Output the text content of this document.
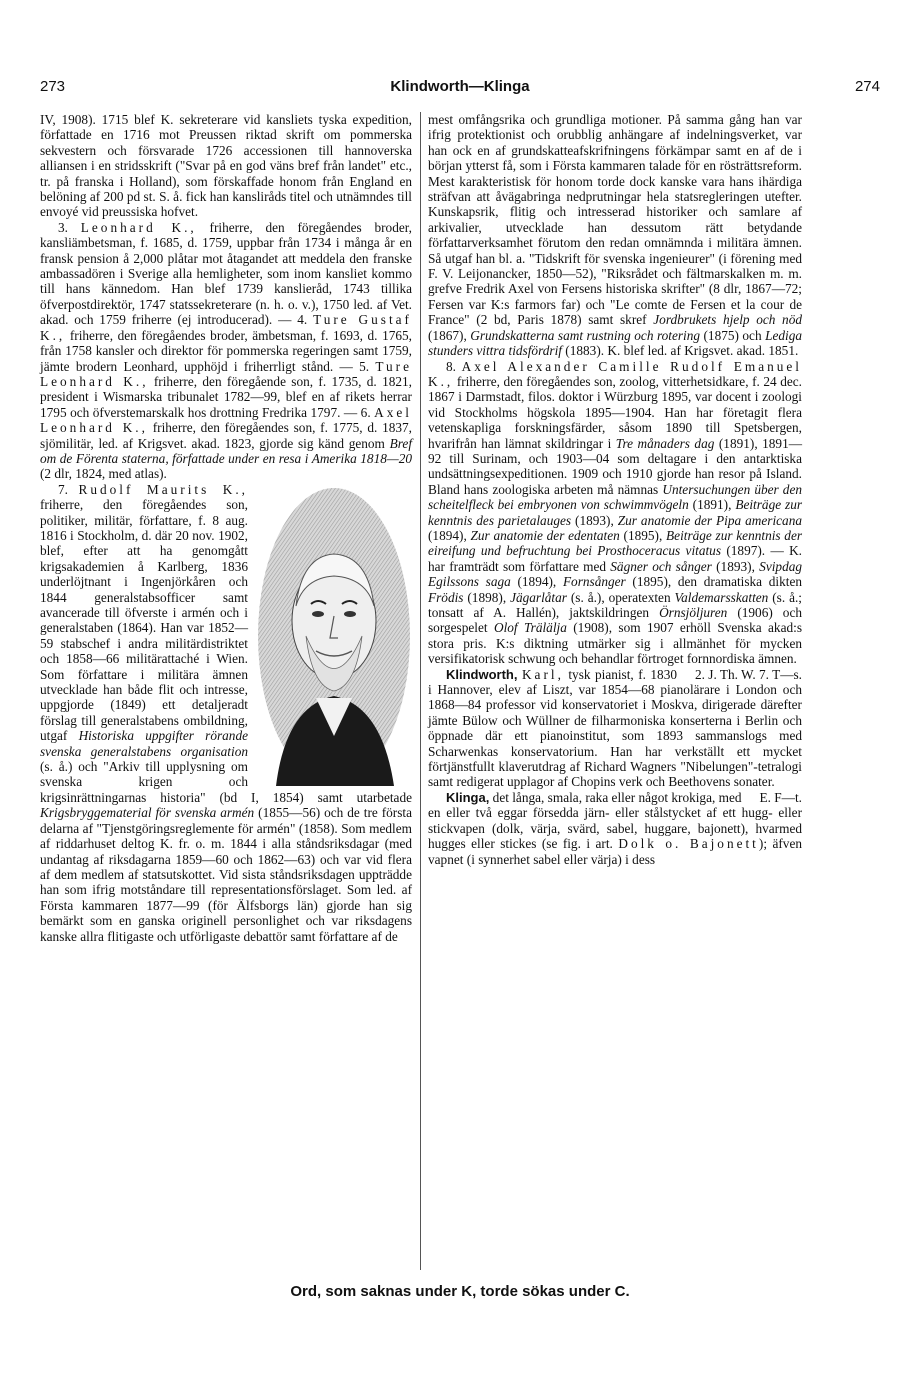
273	Klindworth—Klinga	274

IV, 1908). 1715 blef K. sekreterare vid kansliets tyska expedition, författade en 1716 mot Preussen riktad skrift om pommerska sekvestern och försvarade 1726 accessionen till hannoverska alliansen i en stridsskrift ("Svar på en god väns bref från landet" etc., tr. på franska i Holland), som förskaffade honom från England en belöning af 200 pd st. S. å. fick han kansliråds titel och utnämndes till envoyé vid preussiska hofvet.

3. Leonhard K., friherre, den föregåendes broder, kansliämbetsman, f. 1685, d. 1759, uppbar från 1734 i många år en fransk pension å 2,000 plåtar mot åtagandet att meddela den franske ambassadören i Sverige alla hemligheter, som inom kansliet kommo till hans kännedom. Han blef 1739 kanslieråd, 1743 tillika öfverpostdirektör, 1747 statssekreterare (n. h. o. v.), 1750 led. af Vet. akad. och 1759 friherre (ej introducerad). — 4. Ture Gustaf K., friherre, den föregåendes broder, ämbetsman, f. 1693, d. 1765, från 1758 kansler och direktor för pommerska regeringen samt 1759, jämte brodern Leonhard, upphöjd i friherrligt stånd. — 5. Ture Leonhard K., friherre, den föregående son, f. 1735, d. 1821, president i Wismarska tribunalet 1782—99, blef en af rikets herrar 1795 och öfverstemarskalk hos drottning Fredrika 1797. — 6. Axel Leonhard K., friherre, den föregåendes son, f. 1775, d. 1837, sjömilitär, led. af Krigsvet. akad. 1823, gjorde sig känd genom Bref om de Förenta staterna, författade under en resa i Amerika 1818—20 (2 dlr, 1824, med atlas).

7. Rudolf Maurits K.,
friherre, den föregåendes son, politiker, militär, författare, f. 8 aug. 1816 i Stockholm, d. där 20 nov. 1902, blef, efter att ha genomgått krigsakademien å Karlberg, 1836 underlöjtnant i Ingenjörkåren och 1844 generalstabsofficer samt avancerade till öfverste i armén och i generalstaben (1864). Han var 1852—59 stabschef i andra militärdistriktet och 1858—66 militärattaché i Wien. Som författare i militära ämnen utvecklade han både flit och intresse, uppgjorde (1849) ett detaljeradt förslag till generalstabens ombildning, utgaf Historiska uppgifter rörande svenska generalstabens organisation (s. å.) och "Arkiv till upplysning om svenska krigen och krigsinrättningarnas historia" (bd I, 1854) samt utarbetade Krigsbryggematerial för svenska armén (1855—56) och de tre första delarna af "Tjenstgöringsreglemente för armén" (1858). Som medlem af riddarhuset deltog K. fr. o. m. 1844 i alla ståndsriksdagar (med undantag af riksdagarna 1859—60 och 1862—63) och var vid flera af dem medlem af statsutskottet. Vid sista ståndsriksdagen uppträdde han som ifrig motståndare till representationsförslaget. Som led. af Första kammaren 1877—99 (för Älfsborgs län) gjorde han sig bemärkt som en ganska originell personlighet och var riksdagens kanske allra flitigaste och utförligaste debattör samt författare af de

mest omfångsrika och grundliga motioner. På samma gång han var ifrig protektionist och orubblig anhängare af indelningsverket, var han ock en af grundskatteafskrifningens förkämpar samt en af de i början ytterst få, som i Första kammaren talade för en rösträttsreform. Mest karakteristisk för honom torde dock kanske vara hans ihärdiga sträfvan att åvägabringa nedprutningar hela statsregleringen utefter. Kunskapsrik, flitig och intresserad historiker och samlare af arkivalier, utvecklade han dessutom rätt betydande författarverksamhet förutom den redan omnämnda i militära ämnen. Så utgaf han bl. a. "Tidskrift för svenska ingenieurer" (i förening med F. V. Leijonancker, 1850—52), "Riksrådet och fältmarskalken m. m. grefve Fredrik Axel von Fersens historiska skrifter" (8 dlr, 1867—72; Fersen var K:s farmors far) och "Le comte de Fersen et la cour de France" (2 bd, Paris 1878) samt skref Jordbrukets hjelp och nöd (1867), Grundskatterna samt rustning och rotering (1875) och Lediga stunders vittra tidsfördrif (1883). K. blef led. af Krigsvet. akad. 1851.

8. Axel Alexander Camille Rudolf Emanuel K., friherre, den föregåendes son, zoolog, vitterhetsidkare, f. 24 dec. 1867 i Darmstadt, filos. doktor i Würzburg 1895, var docent i zoologi vid Stockholms högskola 1895—1904. Han har företagit flera vetenskapliga forskningsfärder, såsom 1890 till Spetsbergen, hvarifrån han lämnat skildringar i Tre månaders dag (1891), 1891—92 till Surinam, och 1903—04 som deltagare i den antarktiska undsättningsexpeditionen. 1909 och 1910 gjorde han resor på Island. Bland hans zoologiska arbeten må nämnas Untersuchungen über den scheitelfleck bei embryonen von schwimmvögeln (1891), Beiträge zur kenntnis des parietalauges (1893), Zur anatomie der Pipa americana (1894), Zur anatomie der edentaten (1895), Beiträge zur kenntnis der eireifung und befruchtung bei Prosthoceracus vitatus (1897). — K. har framträdt som författare med Sägner och sånger (1893), Svipdag Egilssons saga (1894), Fornsånger (1895), den dramatiska dikten Frödis (1898), Jägarlåtar (s. å.), operatexten Valdemarsskatten (s. å.; tonsatt af A. Hallén), jaktskildringen Örnsjöljuren (1906) och sorgespelet Olof Trälälja (1908), som 1907 erhöll Svenska akad:s stora pris. K:s diktning utmärker sig i allmänhet för mycken versifikatorisk schwung och behandlar förtroget fornnordiska ämnen.
2. J. Th. W. 7. T—s.

Klindworth, Karl, tysk pianist, f. 1830 i Hannover, elev af Liszt, var 1854—68 pianolärare i London och 1868—84 professor vid konservatoriet i Moskva, dirigerade därefter jämte Bülow och Wüllner de filharmoniska konserterna i Berlin och öppnade där ett pianoinstitut, som 1893 sammanslogs med Scharwenkas konservatorium. Han har verkställt ett mycket förtjänstfullt klaverutdrag af Richard Wagners "Nibelungen"-tetralogi samt redigerat upplagor af Chopins verk och Beethovens sonater.
E. F—t.

Klinga, det långa, smala, raka eller något krokiga, med en eller två eggar försedda järn- eller stålstycket af ett hugg- eller stickvapen (dolk, värja, svärd, sabel, huggare, bajonett), hvarmed hugges eller stickes (se fig. i art. Dolk o. Bajonett); äfven vapnet (i synnerhet sabel eller värja) i dess

Ord, som saknas under K, torde sökas under C.
